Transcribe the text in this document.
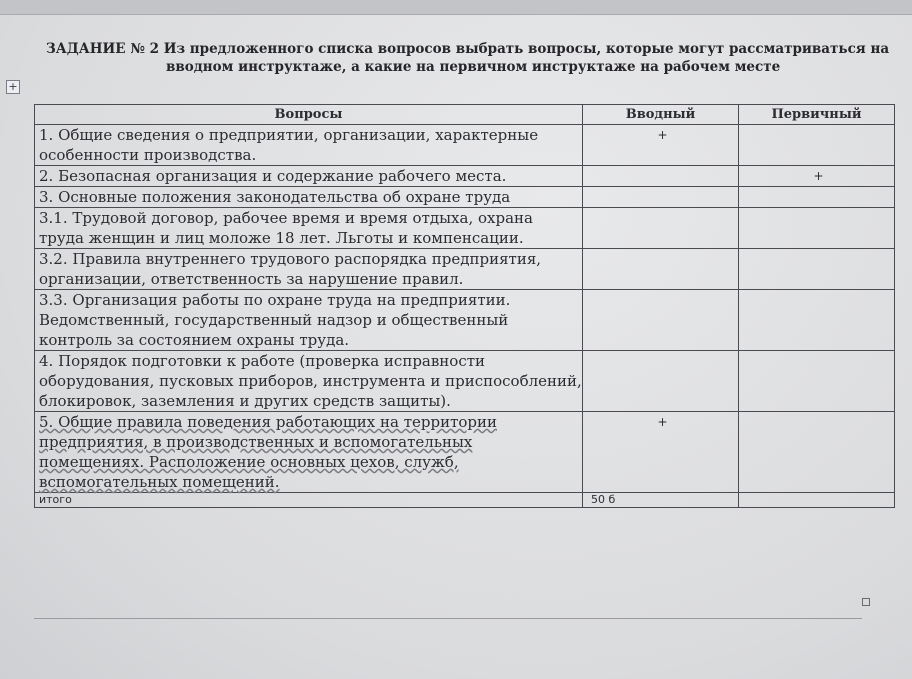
ЗАДАНИЕ № 2 Из предложенного списка вопросов выбрать вопросы, которые могут рассматриваться на
вводном инструктаже, а какие на первичном инструктаже на рабочем месте
+
Вопросы	Вводный	Первичный
1. Общие сведения о предприятии, организации, характерные особенности производства.	+	
2. Безопасная организация и содержание рабочего места.		+
3. Основные положения законодательства об охране труда		
3.1. Трудовой договор, рабочее время и время отдыха, охрана труда женщин и лиц моложе 18 лет. Льготы и компенсации.		
3.2. Правила внутреннего трудового распорядка предприятия, организации, ответственность за нарушение правил.		
3.3. Организация работы по охране труда на предприятии. Ведомственный, государственный надзор и общественный контроль за состоянием охраны труда.		
4. Порядок подготовки к работе (проверка исправности оборудования, пусковых приборов, инструмента и приспособлений, блокировок, заземления и других средств защиты).		
5. Общие правила поведения работающих на территории предприятия, в производственных и вспомогательных помещениях. Расположение основных цехов, служб, вспомогательных помещений.	+	
итого	50 б	
